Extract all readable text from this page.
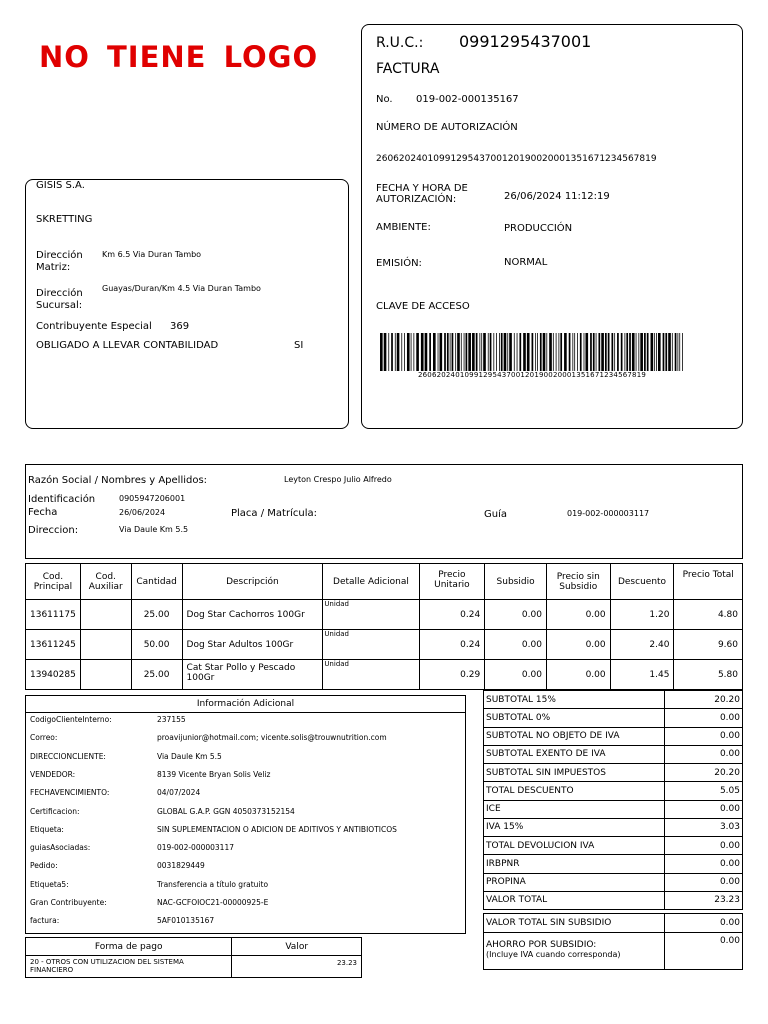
NO TIENE LOGO	R.U.C.: 0991295437001
FACTURA
No. 019-002-000135167
NÚMERO DE AUTORIZACIÓN
2606202401099129543700120190020001351671234567819
FECHA Y HORA DE
AUTORIZACIÓN:	26/06/2024 11:12:19
AMBIENTE:	PRODUCCIÓN
EMISIÓN:	NORMAL
CLAVE DE ACCESO
2606202401099129543700120190020001351671234567819
GISIS S.A.
SKRETTING
Dirección
Matriz:
Km 6.5 Via Duran Tambo
Dirección
Sucursal:
Guayas/Duran/Km 4.5 Via Duran Tambo
Contribuyente Especial 369
OBLIGADO A LLEVAR CONTABILIDAD	SI
Razón Social / Nombres y Apellidos:	Leyton Crespo Julio Alfredo
Identificación	0905947206001
Fecha	26/06/2024	Placa / Matrícula:	Guía	019-002-000003117
Direccion:	Via Daule Km 5.5
Cod. Principal	Cod. Auxiliar	Cantidad	Descripción	Detalle Adicional	Precio Unitario	Subsidio	Precio sin Subsidio	Descuento	Precio Total
13611175		25.00	Dog Star Cachorros 100Gr	Unidad	0.24	0.00	0.00	1.20	4.80
13611245		50.00	Dog Star Adultos 100Gr	Unidad	0.24	0.00	0.00	2.40	9.60
13940285		25.00	Cat Star Pollo y Pescado 100Gr	Unidad	0.29	0.00	0.00	1.45	5.80
Información Adicional
CodigoClienteInterno:	237155
Correo:	proavijunior@hotmail.com; vicente.solis@trouwnutrition.com
DIRECCIONCLIENTE:	Via Daule Km 5.5
VENDEDOR:	8139 Vicente Bryan Solis Veliz
FECHAVENCIMIENTO:	04/07/2024
Certificacion:	GLOBAL G.A.P. GGN 4050373152154
Etiqueta:	SIN SUPLEMENTACION O ADICION DE ADITIVOS Y ANTIBIOTICOS
guiasAsociadas:	019-002-000003117
Pedido:	0031829449
Etiqueta5:	Transferencia a título gratuito
Gran Contribuyente:	NAC-GCFOIOC21-00000925-E
factura:	5AF010135167
Forma de pago	Valor

20 - OTROS CON UTILIZACION DEL SISTEMA
FINANCIERO	23.23
SUBTOTAL 15%	20.20
SUBTOTAL 0%	0.00
SUBTOTAL NO OBJETO DE IVA	0.00
SUBTOTAL EXENTO DE IVA	0.00
SUBTOTAL SIN IMPUESTOS	20.20
TOTAL DESCUENTO	5.05
ICE	0.00
IVA 15%	3.03
TOTAL DEVOLUCION IVA	0.00
IRBPNR	0.00
PROPINA	0.00
VALOR TOTAL	23.23
VALOR TOTAL SIN SUBSIDIO	0.00

AHORRO POR SUBSIDIO:
(Incluye IVA cuando corresponda)	0.00
